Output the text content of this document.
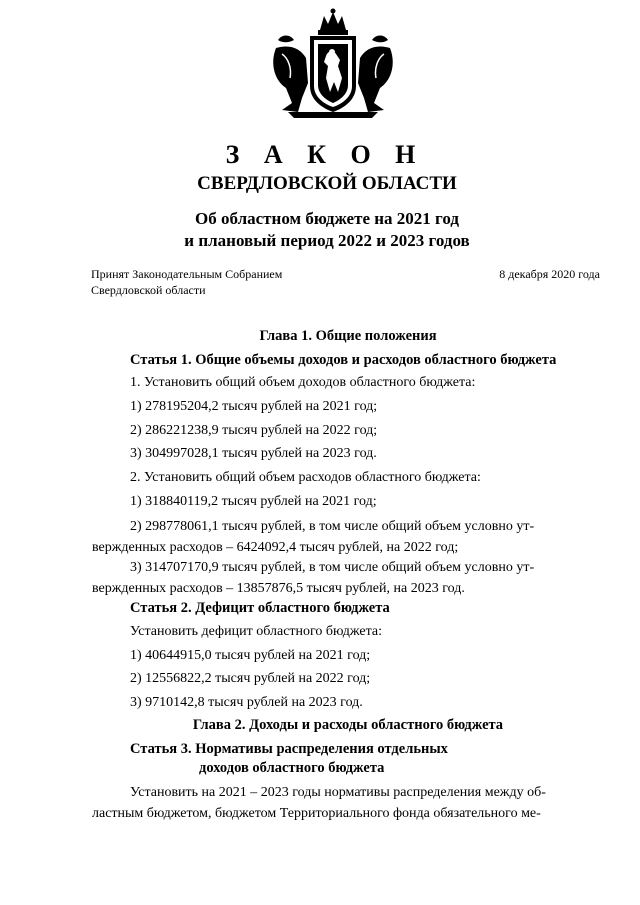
З А К О Н
СВЕРДЛОВСКОЙ ОБЛАСТИ
Об областном бюджете на 2021 год
и плановый период 2022 и 2023 годов
Принят Законодательным Собранием
Свердловской области
8 декабря 2020 года
Глава 1. Общие положения
Статья 1. Общие объемы доходов и расходов областного бюджета
1. Установить общий объем доходов областного бюджета:
1) 278195204,2 тысяч рублей на 2021 год;
2) 286221238,9 тысяч рублей на 2022 год;
3) 304997028,1 тысяч рублей на 2023 год.
2. Установить общий объем расходов областного бюджета:
1) 318840119,2 тысяч рублей на 2021 год;
2) 298778061,1 тысяч рублей, в том числе общий объем условно ут-
вержденных расходов – 6424092,4 тысяч рублей, на 2022 год;
3) 314707170,9 тысяч рублей, в том числе общий объем условно ут-
вержденных расходов – 13857876,5 тысяч рублей, на 2023 год.
Статья 2. Дефицит областного бюджета
Установить дефицит областного бюджета:
1) 40644915,0 тысяч рублей на 2021 год;
2) 12556822,2 тысяч рублей на 2022 год;
3) 9710142,8 тысяч рублей на 2023 год.
Глава 2. Доходы и расходы областного бюджета
Статья 3. Нормативы распределения отдельных
доходов областного бюджета
Установить на 2021 – 2023 годы нормативы распределения между об-
ластным бюджетом, бюджетом Территориального фонда обязательного ме-
